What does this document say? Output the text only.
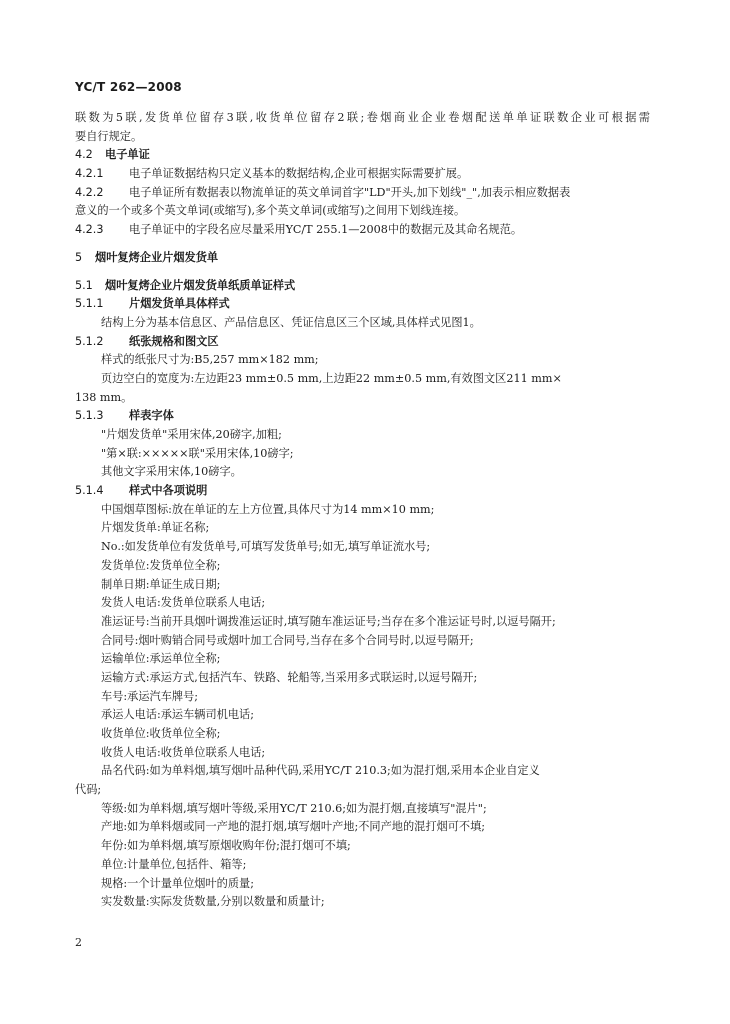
YC/T 262—2008
联数为5联,发货单位留存3联,收货单位留存2联;卷烟商业企业卷烟配送单单证联数企业可根据需
要自行规定。
4.2 电子单证
4.2.1 电子单证数据结构只定义基本的数据结构,企业可根据实际需要扩展。
4.2.2 电子单证所有数据表以物流单证的英文单词首字"LD"开头,加下划线"_",加表示相应数据表
意义的一个或多个英文单词(或缩写),多个英文单词(或缩写)之间用下划线连接。
4.2.3 电子单证中的字段名应尽量采用YC/T 255.1—2008中的数据元及其命名规范。
5 烟叶复烤企业片烟发货单
5.1 烟叶复烤企业片烟发货单纸质单证样式
5.1.1 片烟发货单具体样式
结构上分为基本信息区、产品信息区、凭证信息区三个区域,具体样式见图1。
5.1.2 纸张规格和图文区
样式的纸张尺寸为:B5,257 mm×182 mm;
页边空白的宽度为:左边距23 mm±0.5 mm,上边距22 mm±0.5 mm,有效图文区211 mm×
138 mm。
5.1.3 样表字体
"片烟发货单"采用宋体,20磅字,加粗;
"第×联:×××××联"采用宋体,10磅字;
其他文字采用宋体,10磅字。
5.1.4 样式中各项说明
中国烟草图标:放在单证的左上方位置,具体尺寸为14 mm×10 mm;
片烟发货单:单证名称;
No.:如发货单位有发货单号,可填写发货单号;如无,填写单证流水号;
发货单位:发货单位全称;
制单日期:单证生成日期;
发货人电话:发货单位联系人电话;
准运证号:当前开具烟叶调拨准运证时,填写随车准运证号;当存在多个准运证号时,以逗号隔开;
合同号:烟叶购销合同号或烟叶加工合同号,当存在多个合同号时,以逗号隔开;
运输单位:承运单位全称;
运输方式:承运方式,包括汽车、铁路、轮船等,当采用多式联运时,以逗号隔开;
车号:承运汽车牌号;
承运人电话:承运车辆司机电话;
收货单位:收货单位全称;
收货人电话:收货单位联系人电话;
品名代码:如为单料烟,填写烟叶品种代码,采用YC/T 210.3;如为混打烟,采用本企业自定义
代码;
等级:如为单料烟,填写烟叶等级,采用YC/T 210.6;如为混打烟,直接填写"混片";
产地:如为单料烟或同一产地的混打烟,填写烟叶产地;不同产地的混打烟可不填;
年份:如为单料烟,填写原烟收购年份;混打烟可不填;
单位:计量单位,包括件、箱等;
规格:一个计量单位烟叶的质量;
实发数量:实际发货数量,分别以数量和质量计;
2
